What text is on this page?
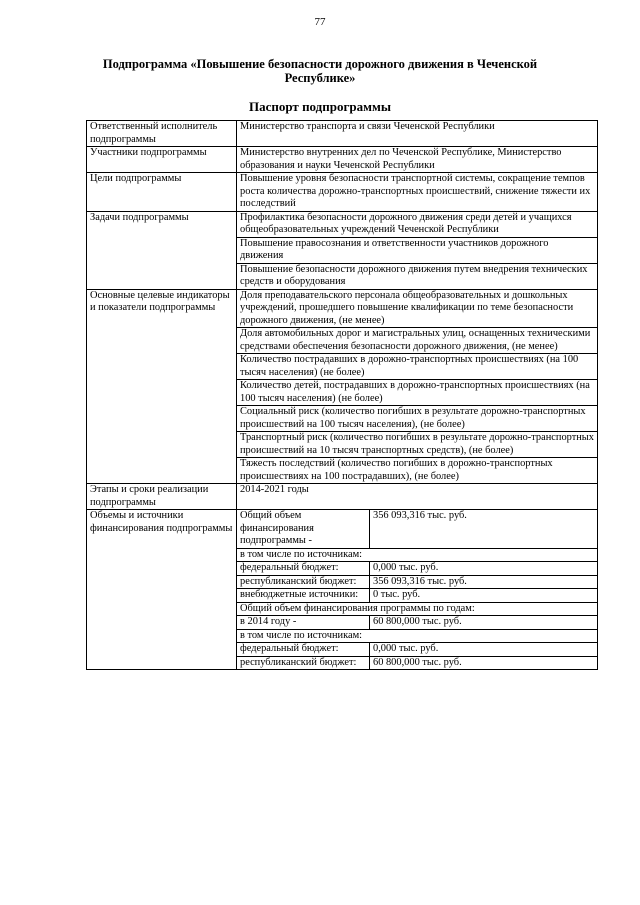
77
Подпрограмма «Повышение безопасности дорожного движения в Чеченской Республике»
Паспорт подпрограммы
Ответственный исполнитель подпрограммы	Министерство транспорта и связи Чеченской Республики
Участники подпрограммы	Министерство внутренних дел по Чеченской Республике, Министерство образования и науки Чеченской Республики
Цели подпрограммы	Повышение уровня безопасности транспортной системы, сокращение темпов роста количества дорожно-транспортных происшествий, снижение тяжести их последствий
Задачи подпрограммы	Профилактика безопасности дорожного движения среди детей и учащихся общеобразовательных учреждений Чеченской Республики
Повышение правосознания и ответственности участников дорожного движения
Повышение безопасности дорожного движения путем внедрения технических средств и оборудования
Основные целевые индикаторы и показатели подпрограммы	Доля преподавательского персонала общеобразовательных и дошкольных учреждений, прошедшего повышение квалификации по теме безопасности дорожного движения, (не менее)
Доля автомобильных дорог и магистральных улиц, оснащенных техническими средствами обеспечения безопасности дорожного движения, (не менее)
Количество пострадавших в дорожно-транспортных происшествиях (на 100 тысяч населения) (не более)
Количество детей, пострадавших в дорожно-транспортных происшествиях (на 100 тысяч населения) (не более)
Социальный риск (количество погибших в результате дорожно-транспортных происшествий на 100 тысяч населения), (не более)
Транспортный риск (количество погибших в результате дорожно-транспортных происшествий на 10 тысяч транспортных средств), (не более)
Тяжесть последствий (количество погибших в дорожно-транспортных происшествиях на 100 пострадавших), (не более)
Этапы и сроки реализации подпрограммы	2014-2021 годы
Объемы и источники финансирования подпрограммы	
Общий объем финансирования подпрограммы -	356 093,316 тыс. руб.
в том числе по источникам:
федеральный бюджет:	0,000 тыс. руб.
республиканский бюджет:	356 093,316 тыс. руб.
внебюджетные источники:	0 тыс. руб.
Общий объем финансирования программы по годам:
в 2014 году -	60 800,000 тыс. руб.
в том числе по источникам:
федеральный бюджет:	0,000 тыс. руб.
республиканский бюджет:	60 800,000 тыс. руб.
